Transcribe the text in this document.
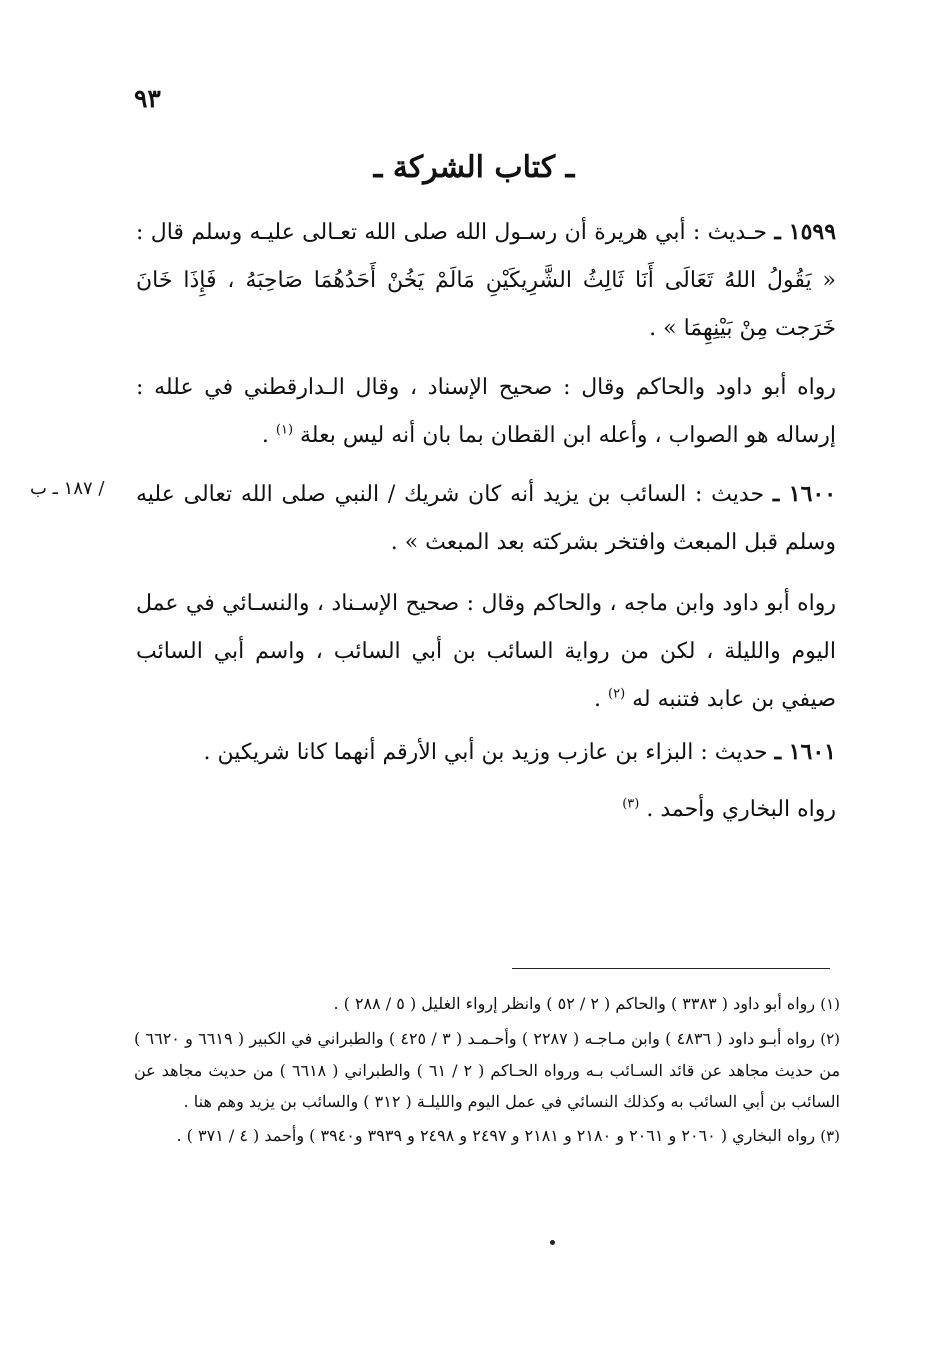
٩٣
ـ كتاب الشركة ـ
١٥٩٩ ـ حـديث : أبي هريرة أن رسـول الله صلى الله تعـالى عليـه وسلم قال : « يَقُولُ اللهُ تَعَالَى أَنَا ثَالِثُ الشَّرِيكَيْنِ مَالَمْ يَخُنْ أَحَدُهُمَا صَاحِبَهُ ، فَإِذَا خَانَ خَرَجت مِنْ بَيْنِهِمَا » .
رواه أبو داود والحاكم وقال : صحيح الإسناد ، وقال الـدارقطني في علله : إرساله هو الصواب ، وأعله ابن القطان بما بان أنه ليس بعلة $^{(١)}$ .
/ ١٨٧ ـ ب	١٦٠٠ ـ حديث : السائب بن يزيد أنه كان شريك / النبي صلى الله تعالى عليه وسلم قبل المبعث وافتخر بشركته بعد المبعث » .
رواه أبو داود وابن ماجه ، والحاكم وقال : صحيح الإسـناد ، والنسـائي في عمل اليوم والليلة ، لكن من رواية السائب بن أبي السائب ، واسم أبي السائب صيفي بن عابد فتنبه له $^{(٢)}$ .
١٦٠١ ـ حديث : البزاء بن عازب وزيد بن أبي الأرقم أنهما كانا شريكين .
رواه البخاري وأحمد . $^{(٣)}$

(١) رواه أبو داود ( ٣٣٨٣ ) والحاكم ( ٢ / ٥٢ ) وانظر إرواء الغليل ( ٥ / ٢٨٨ ) .

(٢) رواه أبـو داود ( ٤٨٣٦ ) وابن مـاجـه ( ٢٢٨٧ ) وأحـمـد ( ٣ / ٤٢٥ ) والطبراني في الكبير ( ٦٦١٩ و ٦٦٢٠ ) من حديث مجاهد عن قائد السـائب بـه ورواه الحـاكم ( ٢ / ٦١ ) والطبراني ( ٦٦١٨ ) من حديث مجاهد عن السائب بن أبي السائب به وكذلك النسائي في عمل اليوم والليلـة ( ٣١٢ ) والسائب بن يزيد وهم هنا .

(٣) رواه البخاري ( ٢٠٦٠ و ٢٠٦١ و ٢١٨٠ و ٢١٨١ و ٢٤٩٧ و ٢٤٩٨ و ٣٩٣٩ و٣٩٤٠ ) وأحمد ( ٤ / ٣٧١ ) .
